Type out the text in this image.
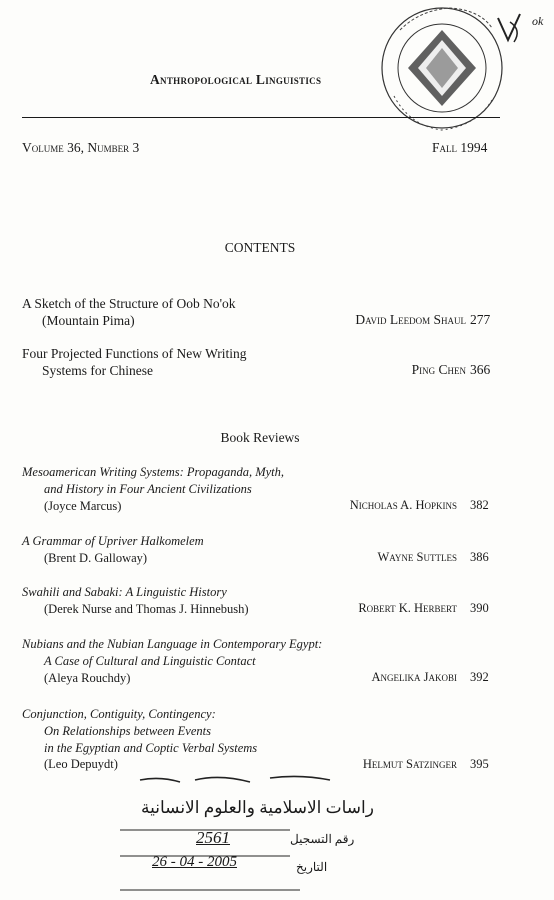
ok
Anthropological Linguistics
Volume 36, Number 3	Fall 1994
CONTENTS
A Sketch of the Structure of Oob No'ok
(Mountain Pima)	David Leedom Shaul 277
Four Projected Functions of New Writing
Systems for Chinese	Ping Chen 366
Book Reviews
Mesoamerican Writing Systems: Propaganda, Myth,
and History in Four Ancient Civilizations
(Joyce Marcus)	Nicholas A. Hopkins 382
A Grammar of Upriver Halkomelem
(Brent D. Galloway)	Wayne Suttles 386
Swahili and Sabaki: A Linguistic History
(Derek Nurse and Thomas J. Hinnebush)	Robert K. Herbert 390
Nubians and the Nubian Language in Contemporary Egypt:
A Case of Cultural and Linguistic Contact
(Aleya Rouchdy)	Angelika Jakobi 392
Conjunction, Contiguity, Contingency:
On Relationships between Events
in the Egyptian and Coptic Verbal Systems
(Leo Depuydt)	Helmut Satzinger 395
راسات الاسلامية والعلوم الانسانية
رقم التسجيل
2561
التاريخ
26 - 04 - 2005
